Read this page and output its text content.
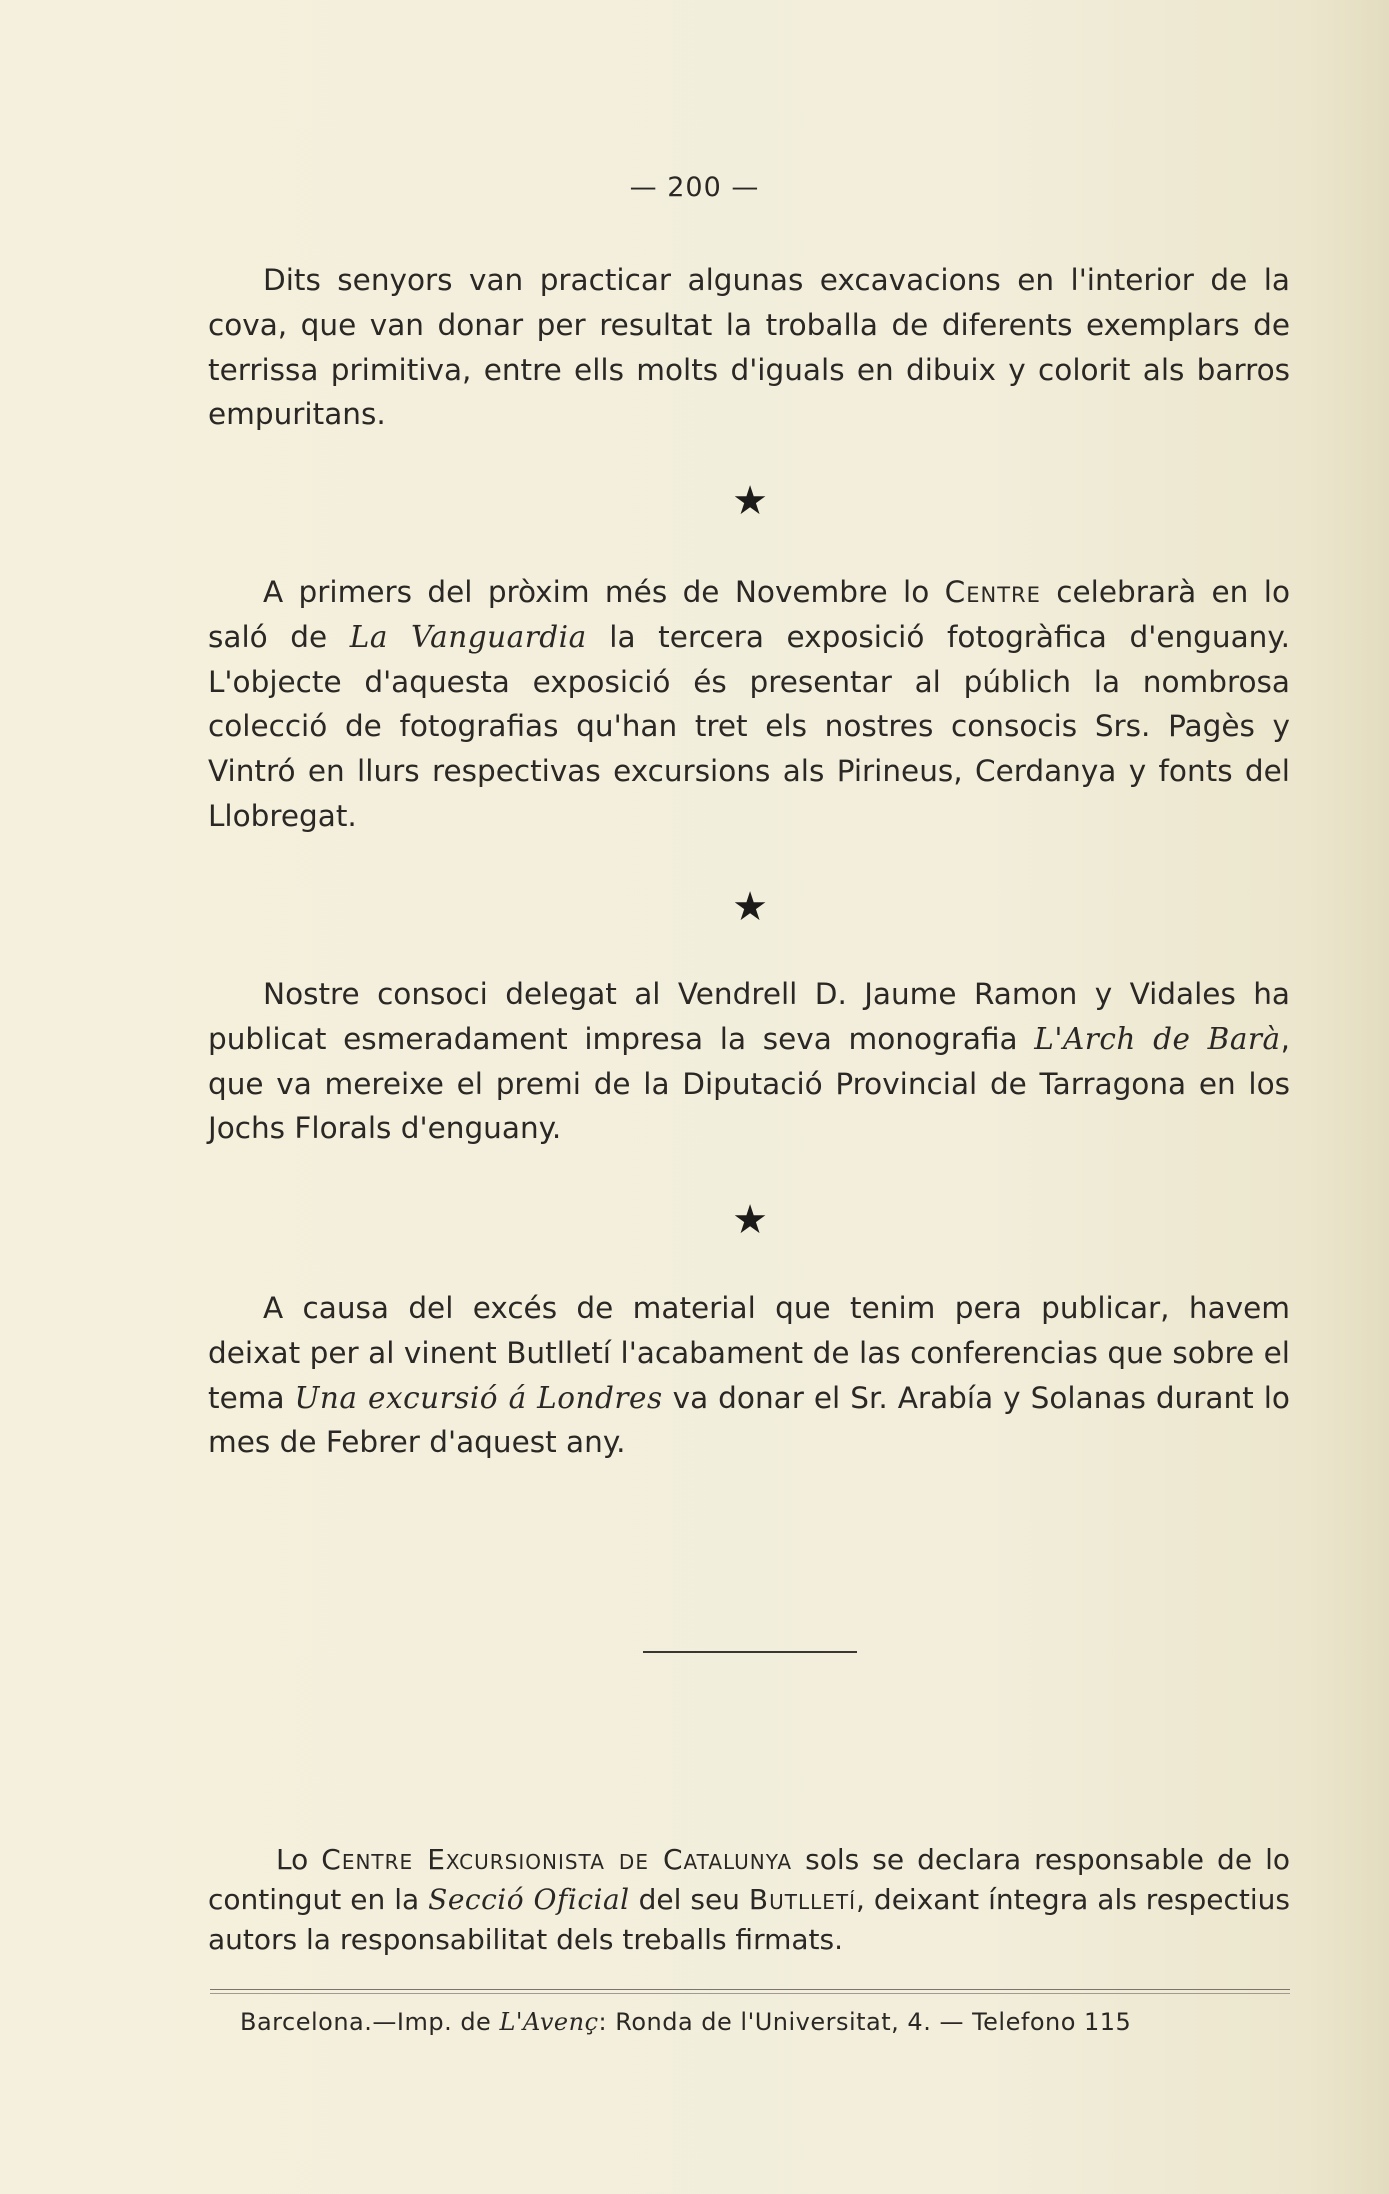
— 200 —

Dits senyors van practicar algunas excavacions en l'interior de la cova, que van donar per resultat la troballa de diferents exemplars de terrissa primitiva, entre ells molts d'iguals en dibuix y colorit als barros empuritans.

★

A primers del pròxim més de Novembre lo Centre celebrarà en lo saló de La Vanguardia la tercera exposició fotogràfica d'enguany. L'objecte d'aquesta exposició és presentar al públich la nombrosa colecció de fotografias qu'han tret els nostres consocis Srs. Pagès y Vintró en llurs respectivas excursions als Pirineus, Cerdanya y fonts del Llobregat.

★

Nostre consoci delegat al Vendrell D. Jaume Ramon y Vidales ha publicat esmeradament impresa la seva monografia L'Arch de Barà, que va mereixe el premi de la Diputació Provincial de Tarragona en los Jochs Florals d'enguany.

★

A causa del excés de material que tenim pera publicar, havem deixat per al vinent Butlletí l'acabament de las conferencias que sobre el tema Una excursió á Londres va donar el Sr. Arabía y Solanas durant lo mes de Febrer d'aquest any.

Lo Centre Excursionista de Catalunya sols se declara responsable de lo contingut en la Secció Oficial del seu Butlletí, deixant íntegra als respectius autors la responsabilitat dels treballs firmats.

Barcelona.—Imp. de L'Avenç: Ronda de l'Universitat, 4. — Telefono 115
